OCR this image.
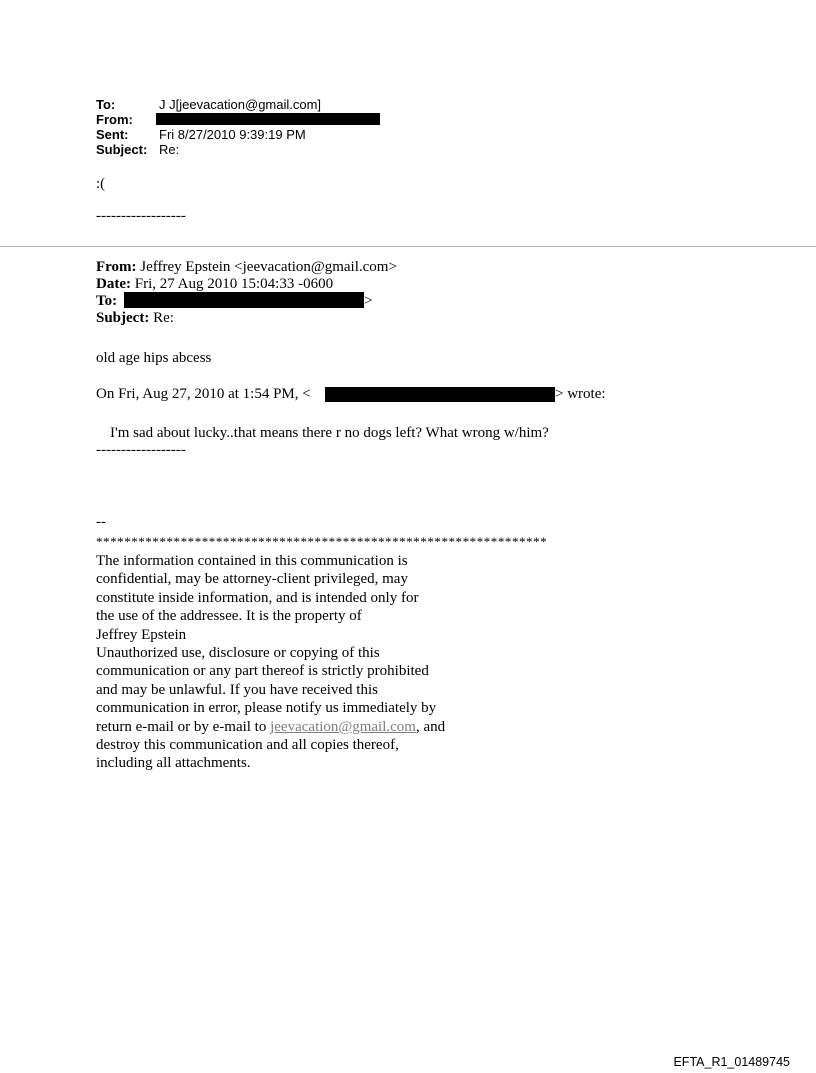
To:	J J[jeevacation@gmail.com]
From:
Sent: Fri 8/27/2010 9:39:19 PM
Subject: Re:
:(
------------------
From: Jeffrey Epstein <jeevacation@gmail.com>
Date: Fri, 27 Aug 2010 15:04:33 -0600
To:	>
Subject: Re:
old age hips abcess
On Fri, Aug 27, 2010 at 1:54 PM, <	> wrote:
I'm sad about lucky..that means there r no dogs left? What wrong w/him?
------------------
--
****************************************************************
The information contained in this communication is
confidential, may be attorney-client privileged, may
constitute inside information, and is intended only for
the use of the addressee. It is the property of
Jeffrey Epstein
Unauthorized use, disclosure or copying of this
communication or any part thereof is strictly prohibited
and may be unlawful. If you have received this
communication in error, please notify us immediately by
return e-mail or by e-mail to jeevacation@gmail.com, and
destroy this communication and all copies thereof,
including all attachments.
EFTA_R1_01489745
